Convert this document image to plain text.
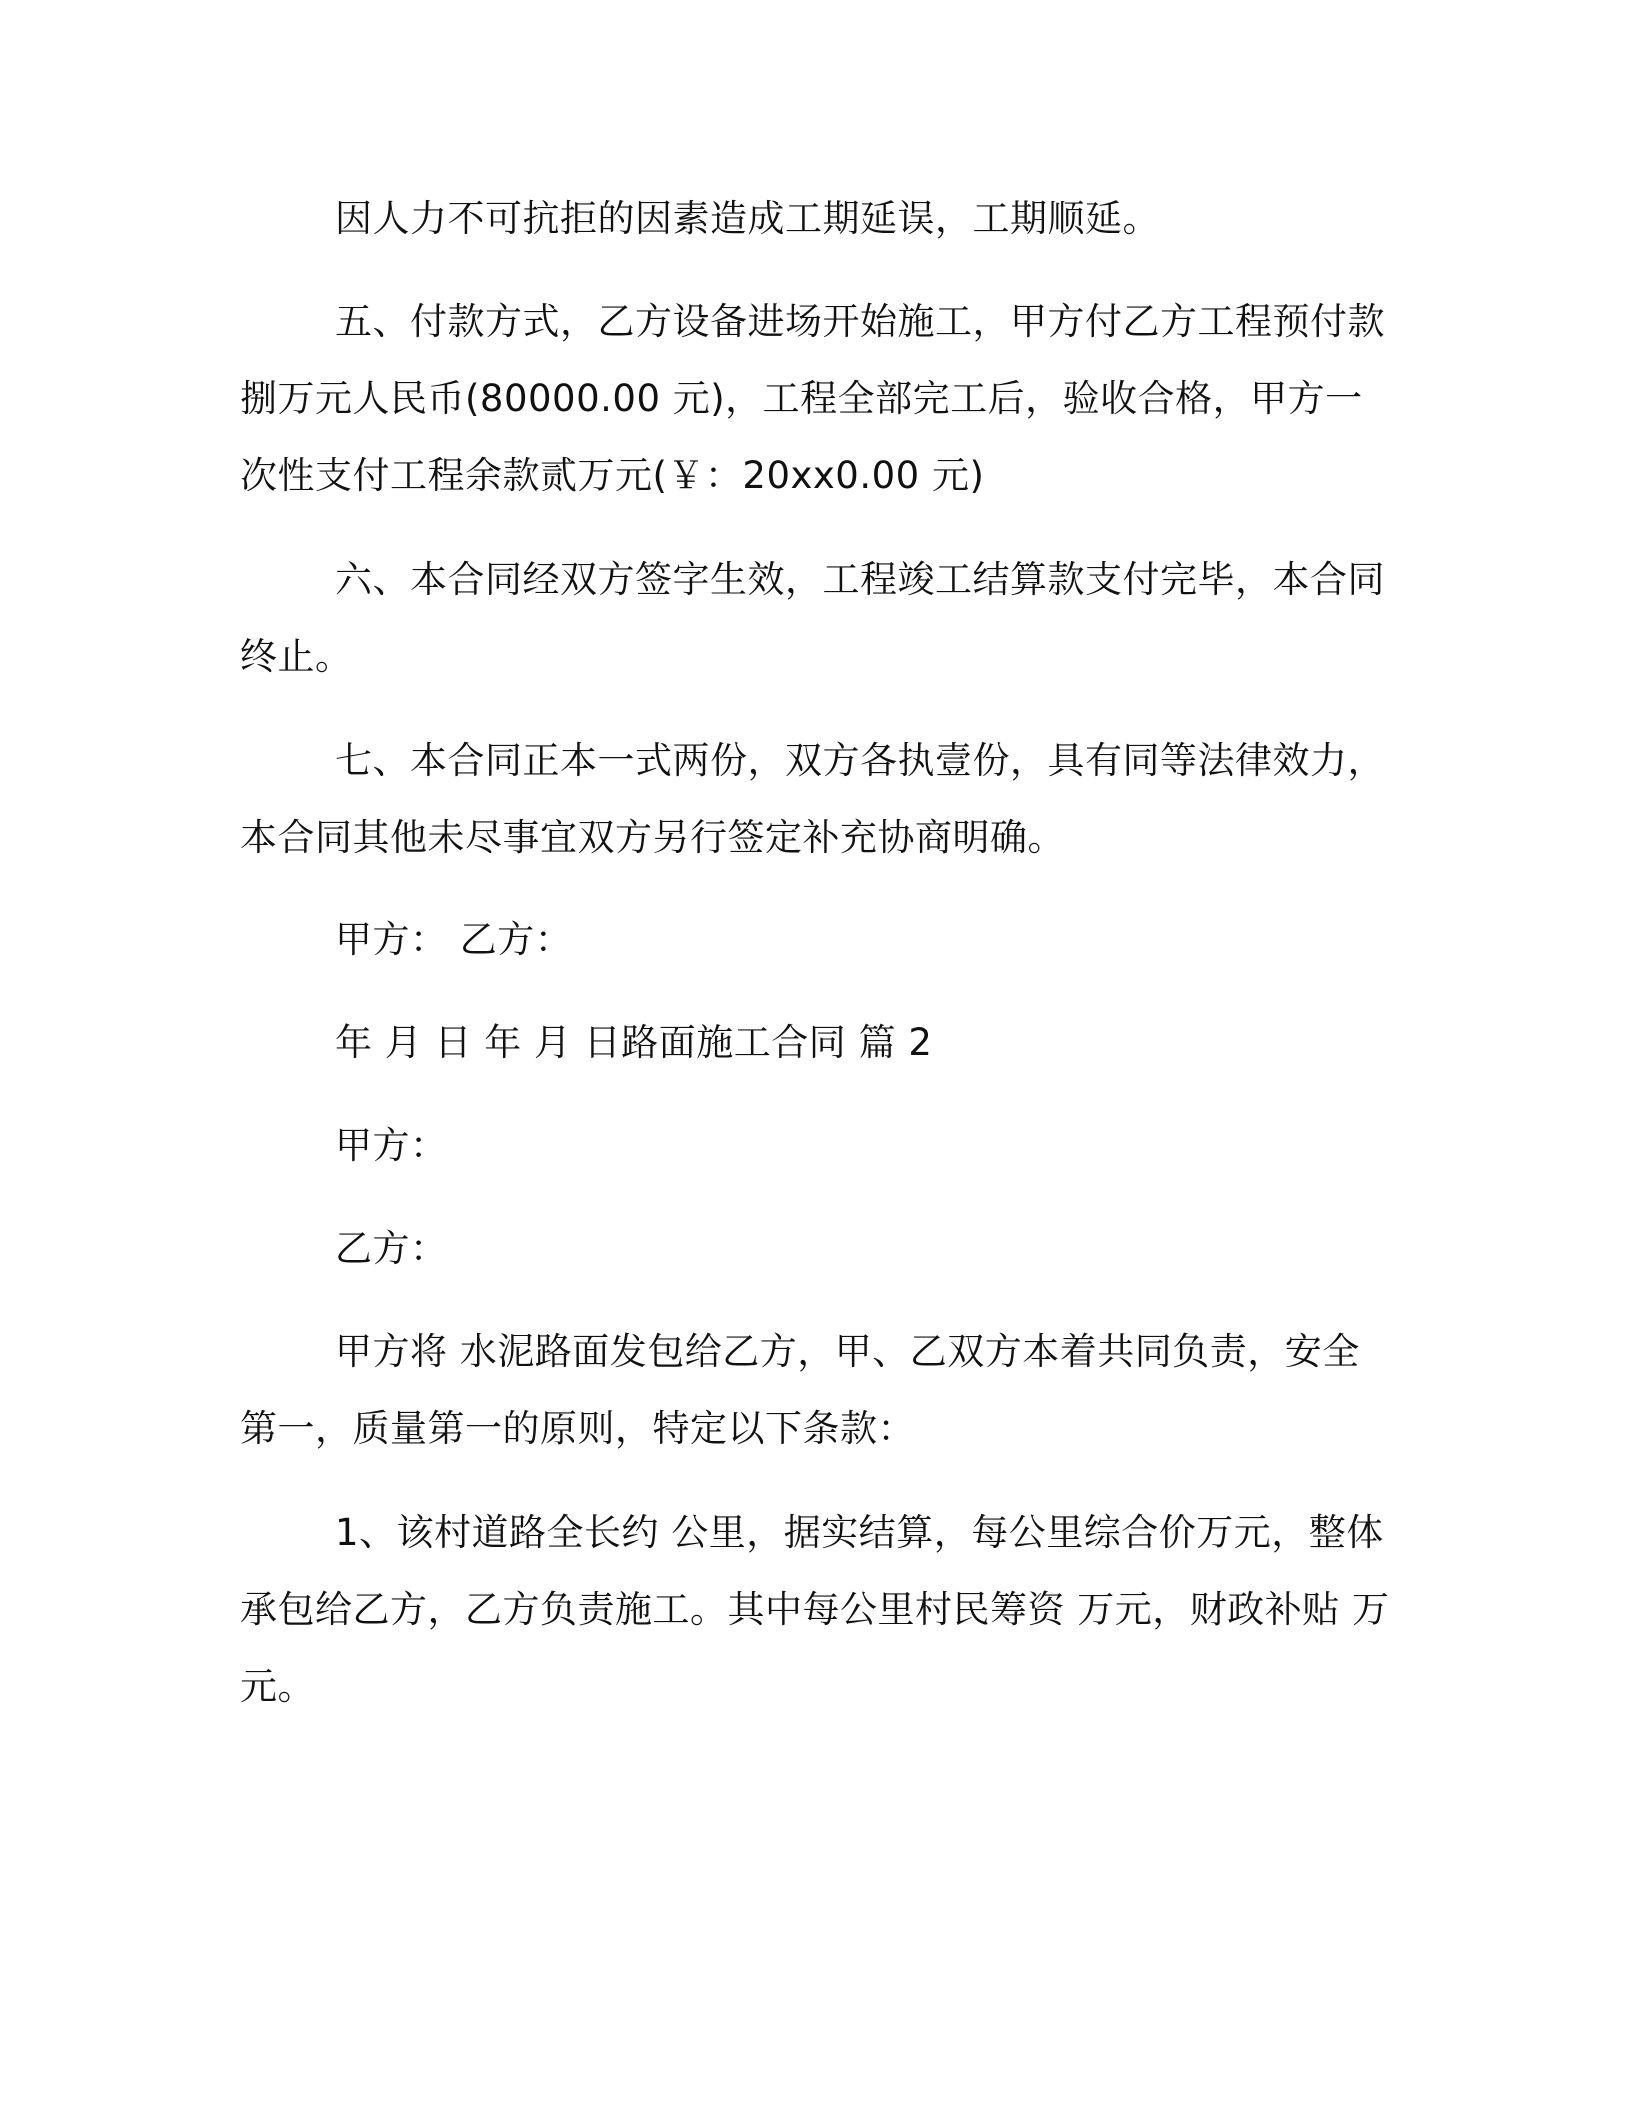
因人力不可抗拒的因素造成工期延误，工期顺延。

五、付款方式，乙方设备进场开始施工，甲方付乙方工程预付款捌万元人民币(80000.00 元)，工程全部完工后，验收合格，甲方一次性支付工程余款贰万元(￥：20xx0.00 元)

六、本合同经双方签字生效，工程竣工结算款支付完毕，本合同终止。

七、本合同正本一式两份，双方各执壹份，具有同等法律效力，本合同其他未尽事宜双方另行签定补充协商明确。

甲方： 乙方：

年 月 日 年 月 日路面施工合同 篇 2

甲方：

乙方：

甲方将 水泥路面发包给乙方，甲、乙双方本着共同负责，安全第一，质量第一的原则，特定以下条款：

1、该村道路全长约 公里，据实结算，每公里综合价万元，整体承包给乙方，乙方负责施工。其中每公里村民筹资 万元，财政补贴 万元。
